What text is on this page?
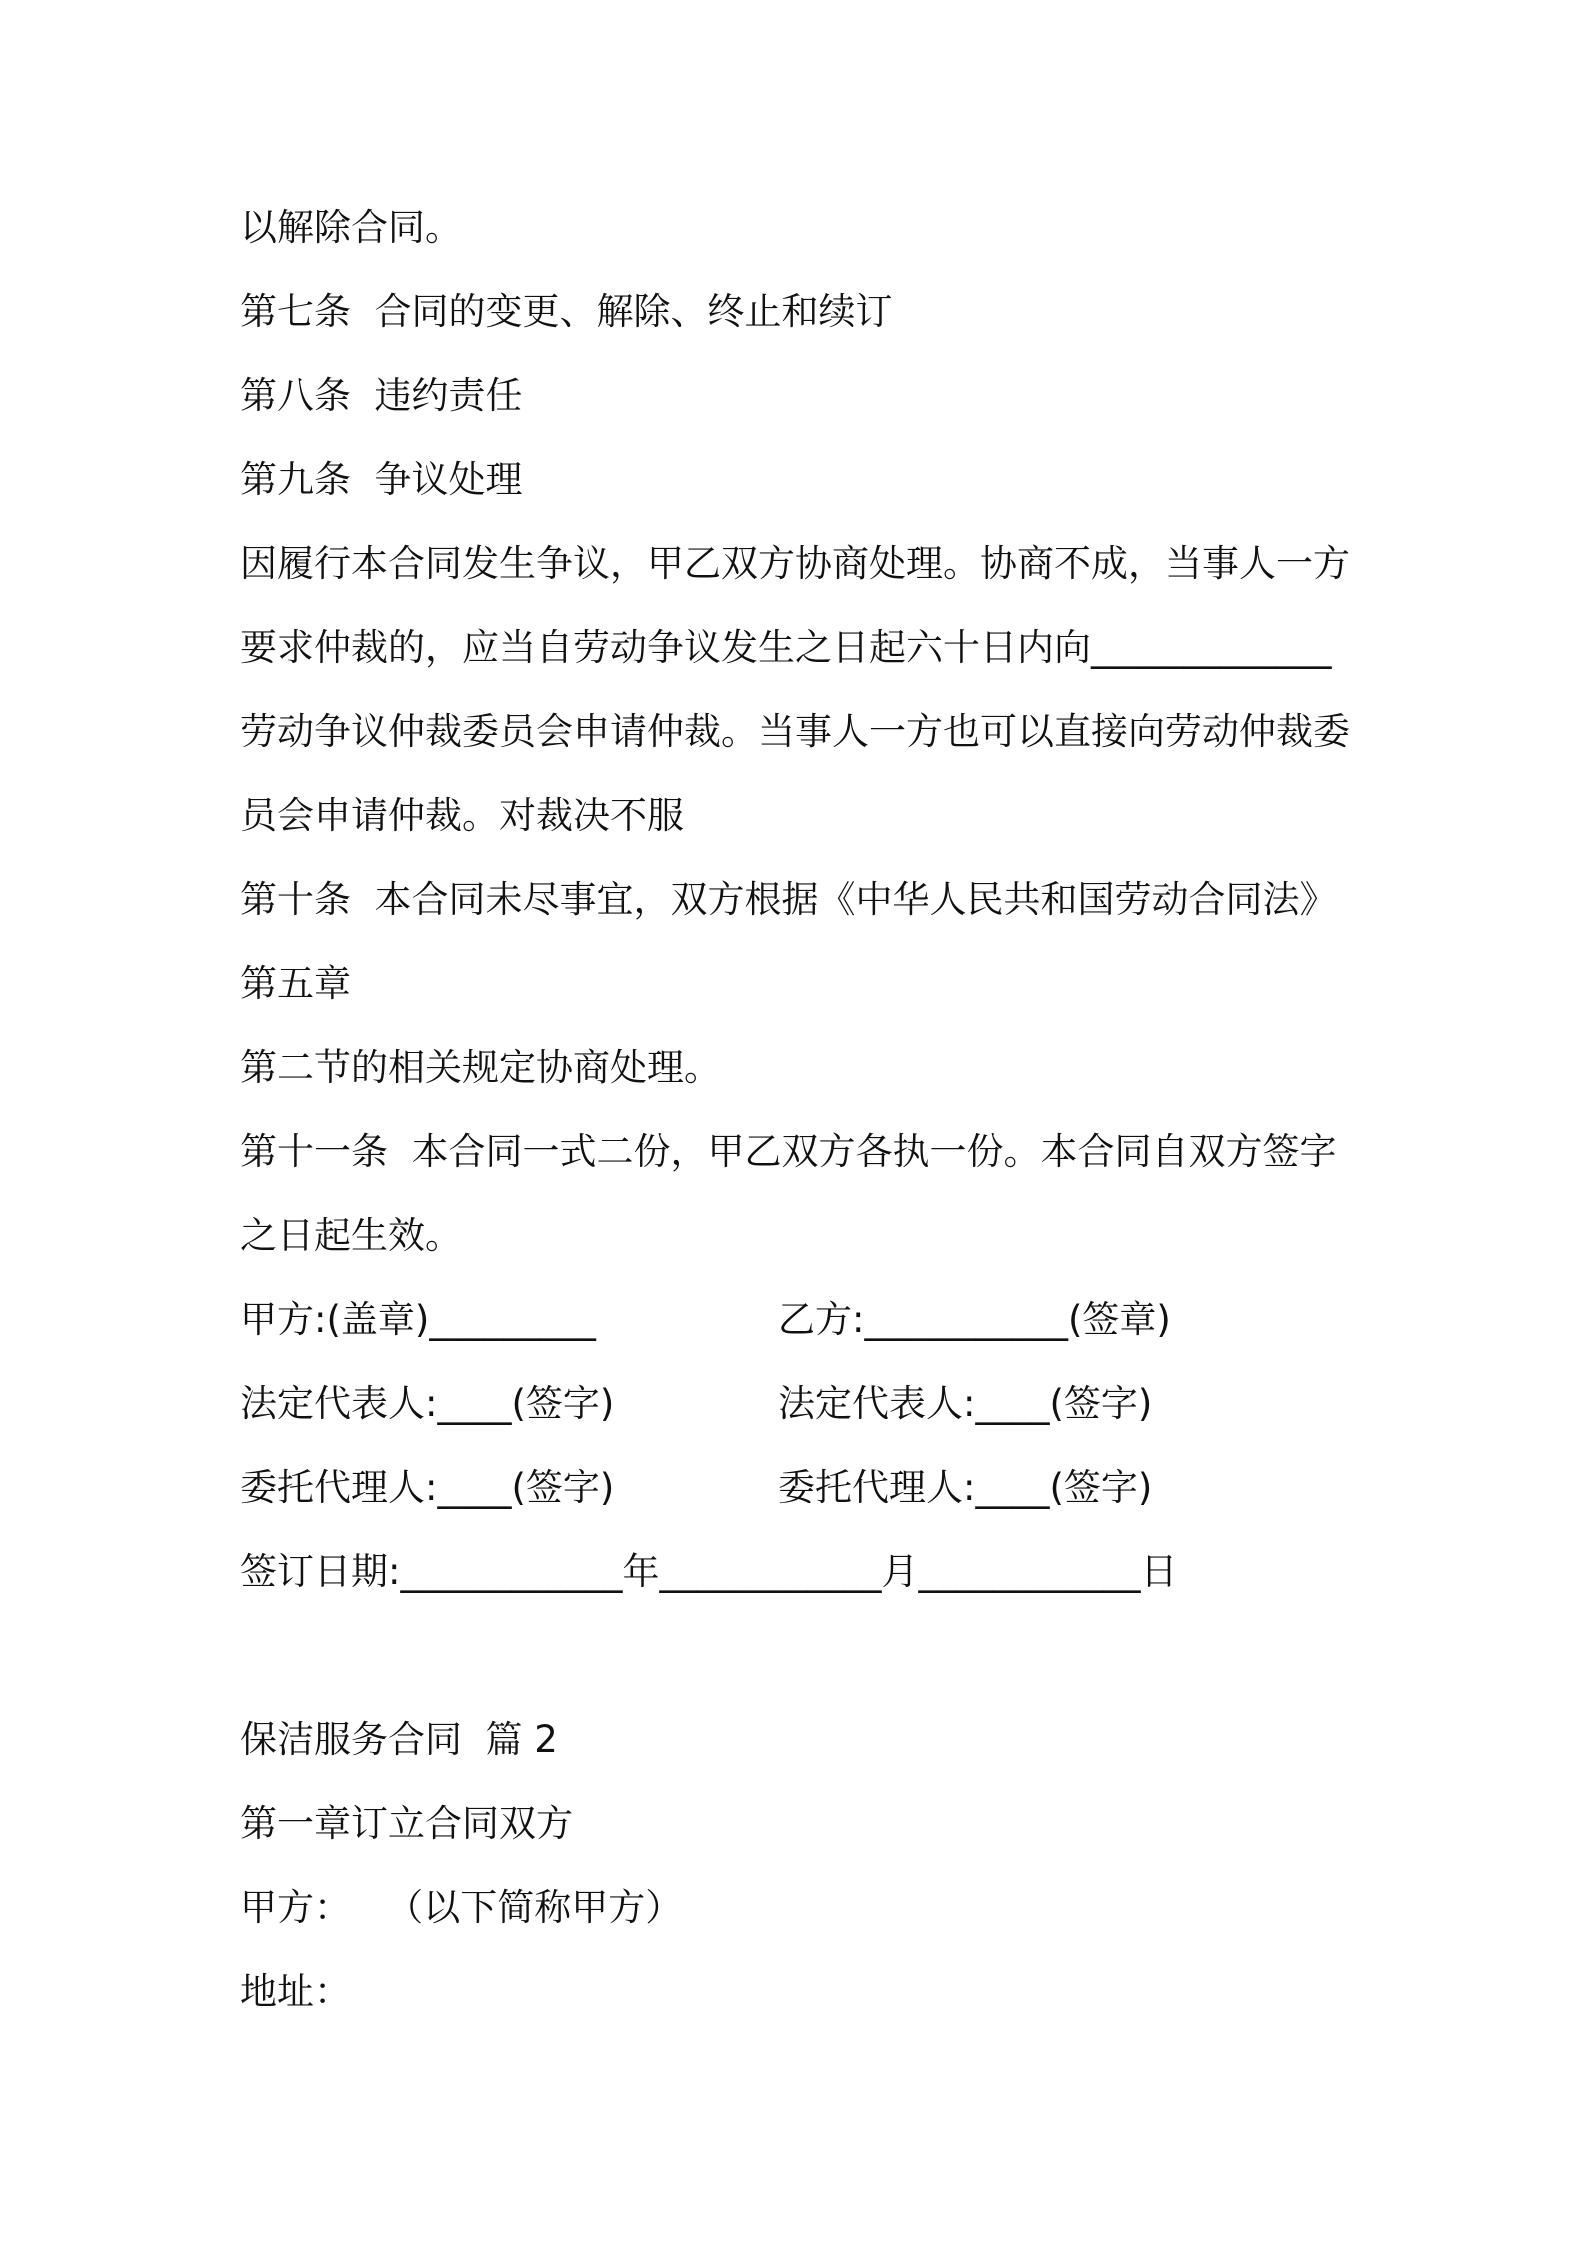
以解除合同。
第七条  合同的变更、解除、终止和续订
第八条  违约责任
第九条  争议处理
因履行本合同发生争议，甲乙双方协商处理。协商不成，当事人一方
要求仲裁的，应当自劳动争议发生之日起六十日内向_____________
劳动争议仲裁委员会申请仲裁。当事人一方也可以直接向劳动仲裁委
员会申请仲裁。对裁决不服
第十条  本合同未尽事宜，双方根据《中华人民共和国劳动合同法》
第五章
第二节的相关规定协商处理。
第十一条  本合同一式二份，甲乙双方各执一份。本合同自双方签字
之日起生效。
甲方:(盖章)_________	乙方:___________(签章)
法定代表人:____(签字)	法定代表人:____(签字)
委托代理人:____(签字)	委托代理人:____(签字)
签订日期:____________年____________月____________日
保洁服务合同  篇 2
第一章订立合同双方
甲方：   （以下简称甲方）
地址：
